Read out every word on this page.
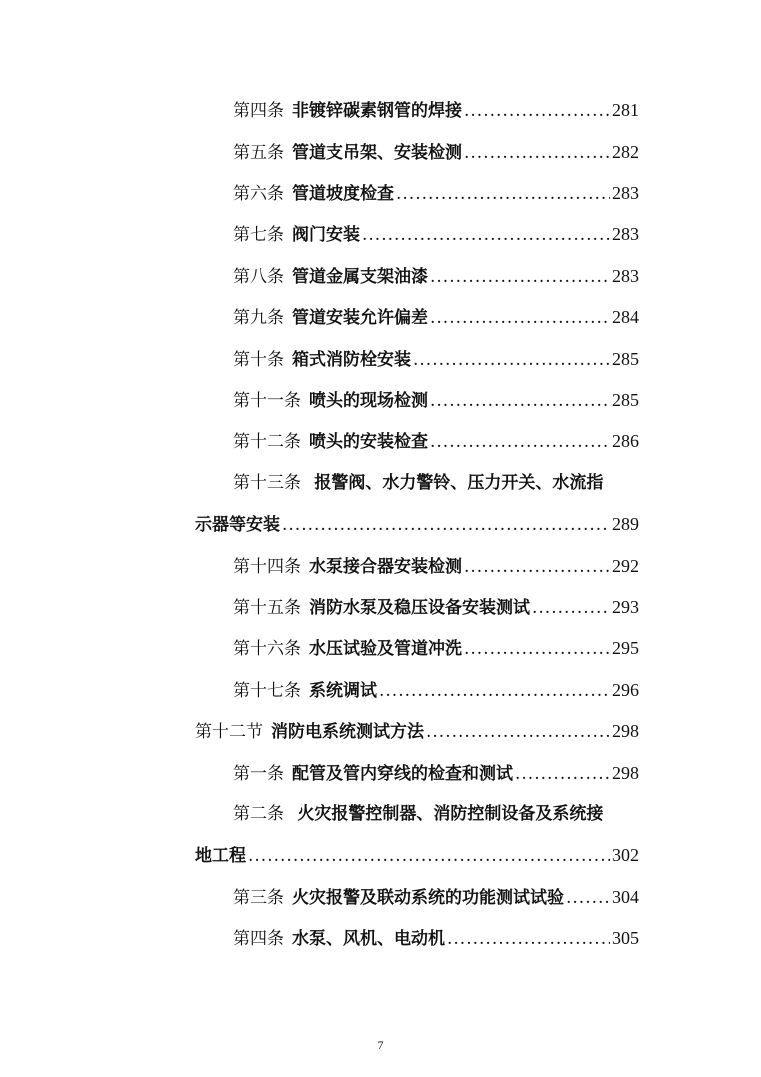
第四条 非镀锌碳素钢管的焊接 .....	281
第五条 管道支吊架、安装检测 .....	282
第六条 管道坡度检查 .....	283
第七条 阀门安装 .....	283
第八条 管道金属支架油漆 .....	283
第九条 管道安装允许偏差 .....	284
第十条 箱式消防栓安装 .....	285
第十一条 喷头的现场检测 .....	285
第十二条 喷头的安装检查 .....	286
第十三条 报警阀、水力警铃、压力开关、水流指
示器等安装 .....	289
第十四条 水泵接合器安装检测 .....	292
第十五条 消防水泵及稳压设备安装测试 .....	293
第十六条 水压试验及管道冲洗 .....	295
第十七条 系统调试 .....	296
第十二节 消防电系统测试方法 .....	298
第一条 配管及管内穿线的检查和测试 .....	298
第二条 火灾报警控制器、消防控制设备及系统接
地工程 .....	302
第三条 火灾报警及联动系统的功能测试试验 .....	304
第四条 水泵、风机、电动机 .....	305
7
